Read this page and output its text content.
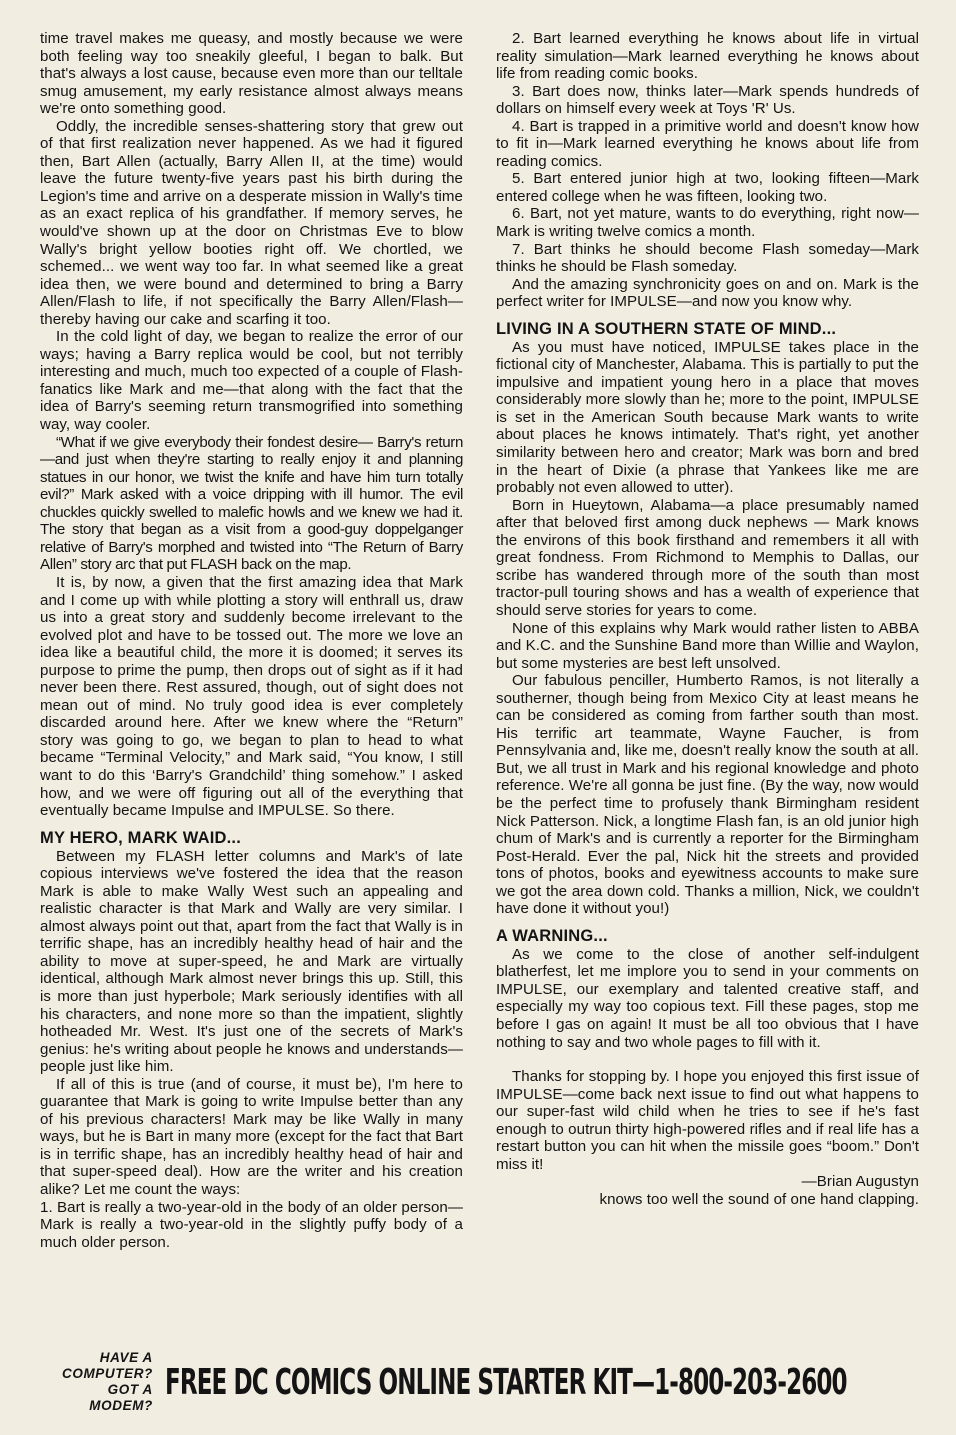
time travel makes me queasy, and mostly because we were both feeling way too sneakily gleeful, I began to balk. But that's always a lost cause, because even more than our telltale smug amusement, my early resistance almost always means we're onto something good.

Oddly, the incredible senses-shattering story that grew out of that first realization never happened. As we had it figured then, Bart Allen (actually, Barry Allen II, at the time) would leave the future twenty-five years past his birth during the Legion's time and arrive on a desperate mission in Wally's time as an exact replica of his grandfather. If memory serves, he would've shown up at the door on Christmas Eve to blow Wally's bright yellow booties right off. We chortled, we schemed... we went way too far. In what seemed like a great idea then, we were bound and determined to bring a Barry Allen/Flash to life, if not specifically the Barry Allen/Flash—thereby having our cake and scarfing it too.

In the cold light of day, we began to realize the error of our ways; having a Barry replica would be cool, but not terribly interesting and much, much too expected of a couple of Flash-fanatics like Mark and me—that along with the fact that the idea of Barry's seeming return transmogrified into something way, way cooler.

“What if we give everybody their fondest desire— Barry's return—and just when they're starting to really enjoy it and planning statues in our honor, we twist the knife and have him turn totally evil?” Mark asked with a voice dripping with ill humor. The evil chuckles quickly swelled to malefic howls and we knew we had it. The story that began as a visit from a good-guy doppelganger relative of Barry's morphed and twisted into “The Return of Barry Allen” story arc that put FLASH back on the map.

It is, by now, a given that the first amazing idea that Mark and I come up with while plotting a story will enthrall us, draw us into a great story and suddenly become irrelevant to the evolved plot and have to be tossed out. The more we love an idea like a beautiful child, the more it is doomed; it serves its purpose to prime the pump, then drops out of sight as if it had never been there. Rest assured, though, out of sight does not mean out of mind. No truly good idea is ever completely discarded around here. After we knew where the “Return” story was going to go, we began to plan to head to what became “Terminal Velocity,” and Mark said, “You know, I still want to do this ‘Barry's Grandchild’ thing somehow.” I asked how, and we were off figuring out all of the everything that eventually became Impulse and IMPULSE. So there.

MY HERO, MARK WAID...

Between my FLASH letter columns and Mark's of late copious interviews we've fostered the idea that the reason Mark is able to make Wally West such an appealing and realistic character is that Mark and Wally are very similar. I almost always point out that, apart from the fact that Wally is in terrific shape, has an incredibly healthy head of hair and the ability to move at super-speed, he and Mark are virtually identical, although Mark almost never brings this up. Still, this is more than just hyperbole; Mark seriously identifies with all his characters, and none more so than the impatient, slightly hotheaded Mr. West. It's just one of the secrets of Mark's genius: he's writing about people he knows and understands—people just like him.

If all of this is true (and of course, it must be), I'm here to guarantee that Mark is going to write Impulse better than any of his previous characters! Mark may be like Wally in many ways, but he is Bart in many more (except for the fact that Bart is in terrific shape, has an incredibly healthy head of hair and that super-speed deal). How are the writer and his creation alike? Let me count the ways:

1. Bart is really a two-year-old in the body of an older person—Mark is really a two-year-old in the slightly puffy body of a much older person.

2. Bart learned everything he knows about life in virtual reality simulation—Mark learned everything he knows about life from reading comic books.

3. Bart does now, thinks later—Mark spends hundreds of dollars on himself every week at Toys 'R' Us.

4. Bart is trapped in a primitive world and doesn't know how to fit in—Mark learned everything he knows about life from reading comics.

5. Bart entered junior high at two, looking fifteen—Mark entered college when he was fifteen, looking two.

6. Bart, not yet mature, wants to do everything, right now—Mark is writing twelve comics a month.

7. Bart thinks he should become Flash someday—Mark thinks he should be Flash someday.

And the amazing synchronicity goes on and on. Mark is the perfect writer for IMPULSE—and now you know why.

LIVING IN A SOUTHERN STATE OF MIND...

As you must have noticed, IMPULSE takes place in the fictional city of Manchester, Alabama. This is partially to put the impulsive and impatient young hero in a place that moves considerably more slowly than he; more to the point, IMPULSE is set in the American South because Mark wants to write about places he knows intimately. That's right, yet another similarity between hero and creator; Mark was born and bred in the heart of Dixie (a phrase that Yankees like me are probably not even allowed to utter).

Born in Hueytown, Alabama—a place presumably named after that beloved first among duck nephews — Mark knows the environs of this book firsthand and remembers it all with great fondness. From Richmond to Memphis to Dallas, our scribe has wandered through more of the south than most tractor-pull touring shows and has a wealth of experience that should serve stories for years to come.

None of this explains why Mark would rather listen to ABBA and K.C. and the Sunshine Band more than Willie and Waylon, but some mysteries are best left unsolved.

Our fabulous penciller, Humberto Ramos, is not literally a southerner, though being from Mexico City at least means he can be considered as coming from farther south than most. His terrific art teammate, Wayne Faucher, is from Pennsylvania and, like me, doesn't really know the south at all. But, we all trust in Mark and his regional knowledge and photo reference. We're all gonna be just fine. (By the way, now would be the perfect time to profusely thank Birmingham resident Nick Patterson. Nick, a longtime Flash fan, is an old junior high chum of Mark's and is currently a reporter for the Birmingham Post-Herald. Ever the pal, Nick hit the streets and provided tons of photos, books and eyewitness accounts to make sure we got the area down cold. Thanks a million, Nick, we couldn't have done it without you!)

A WARNING...

As we come to the close of another self-indulgent blatherfest, let me implore you to send in your comments on IMPULSE, our exemplary and talented creative staff, and especially my way too copious text. Fill these pages, stop me before I gas on again! It must be all too obvious that I have nothing to say and two whole pages to fill with it.

Thanks for stopping by. I hope you enjoyed this first issue of IMPULSE—come back next issue to find out what happens to our super-fast wild child when he tries to see if he's fast enough to outrun thirty high-powered rifles and if real life has a restart button you can hit when the missile goes “boom.” Don't miss it!

—Brian Augustyn

knows too well the sound of one hand clapping.

HAVE A COMPUTER?
GOT A MODEM?
FREE DC COMICS ONLINE STARTER KIT—1-800-203-2600
